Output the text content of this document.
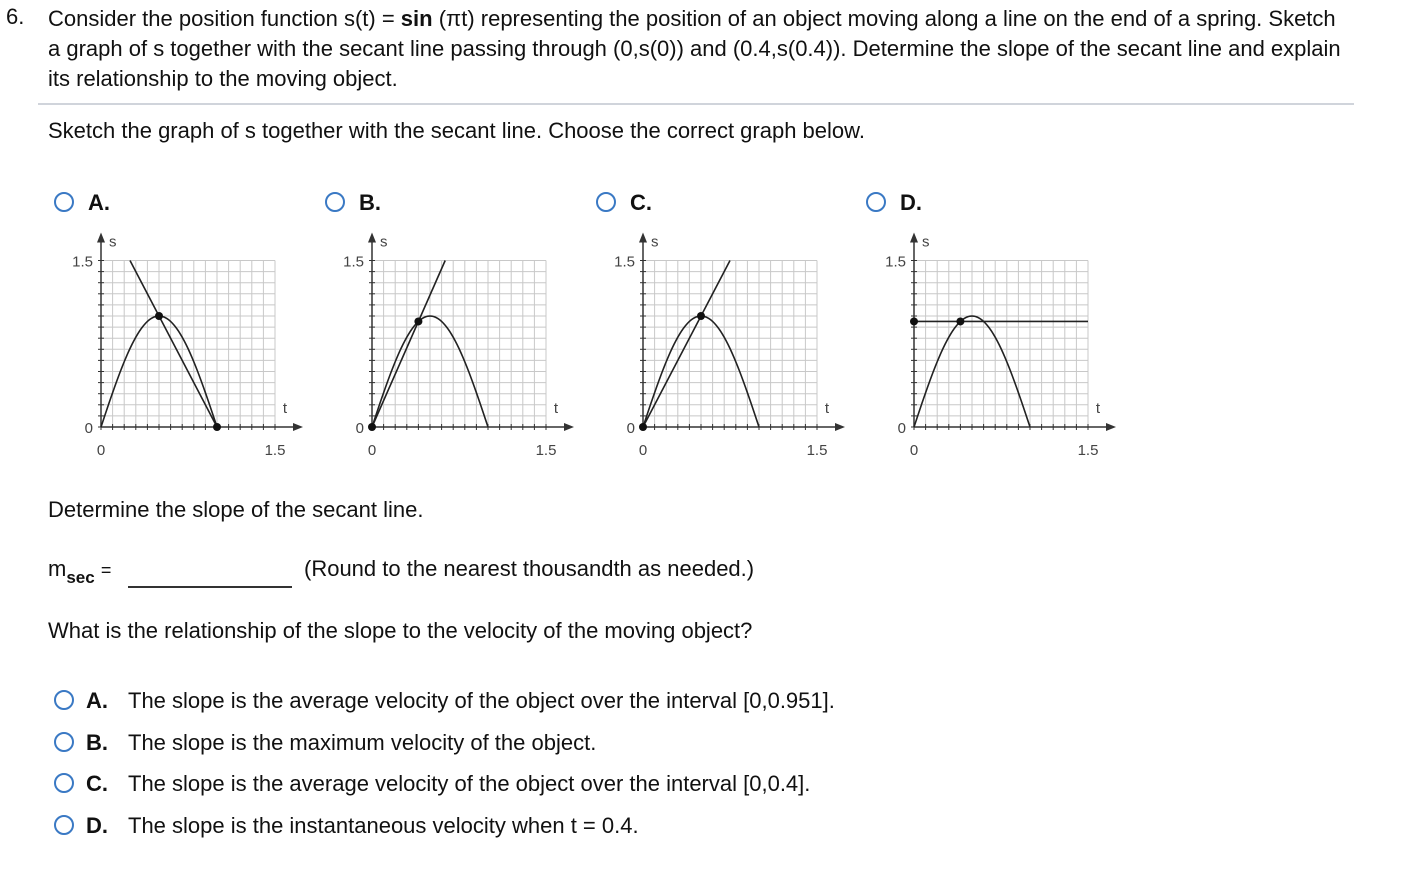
6. Consider the position function s(t) = sin (πt) representing the position of an object moving along a line on the end of a spring. Sketch a graph of s together with the secant line passing through (0,s(0)) and (0.4,s(0.4)). Determine the slope of the secant line and explain its relationship to the moving object.
Sketch the graph of s together with the secant line. Choose the correct graph below.
A.	B.	C.	D.
s
t
1.5
0
0	1.5
s
t
1.5
0
0	1.5
s
t
1.5
0
0	1.5
s
t
1.5
0
0	1.5
Determine the slope of the secant line.
$m_{sec}$ =	(Round to the nearest thousandth as needed.)
What is the relationship of the slope to the velocity of the moving object?
A. The slope is the average velocity of the object over the interval [0,0.951].
B. The slope is the maximum velocity of the object.
C. The slope is the average velocity of the object over the interval [0,0.4].
D. The slope is the instantaneous velocity when t = 0.4.
